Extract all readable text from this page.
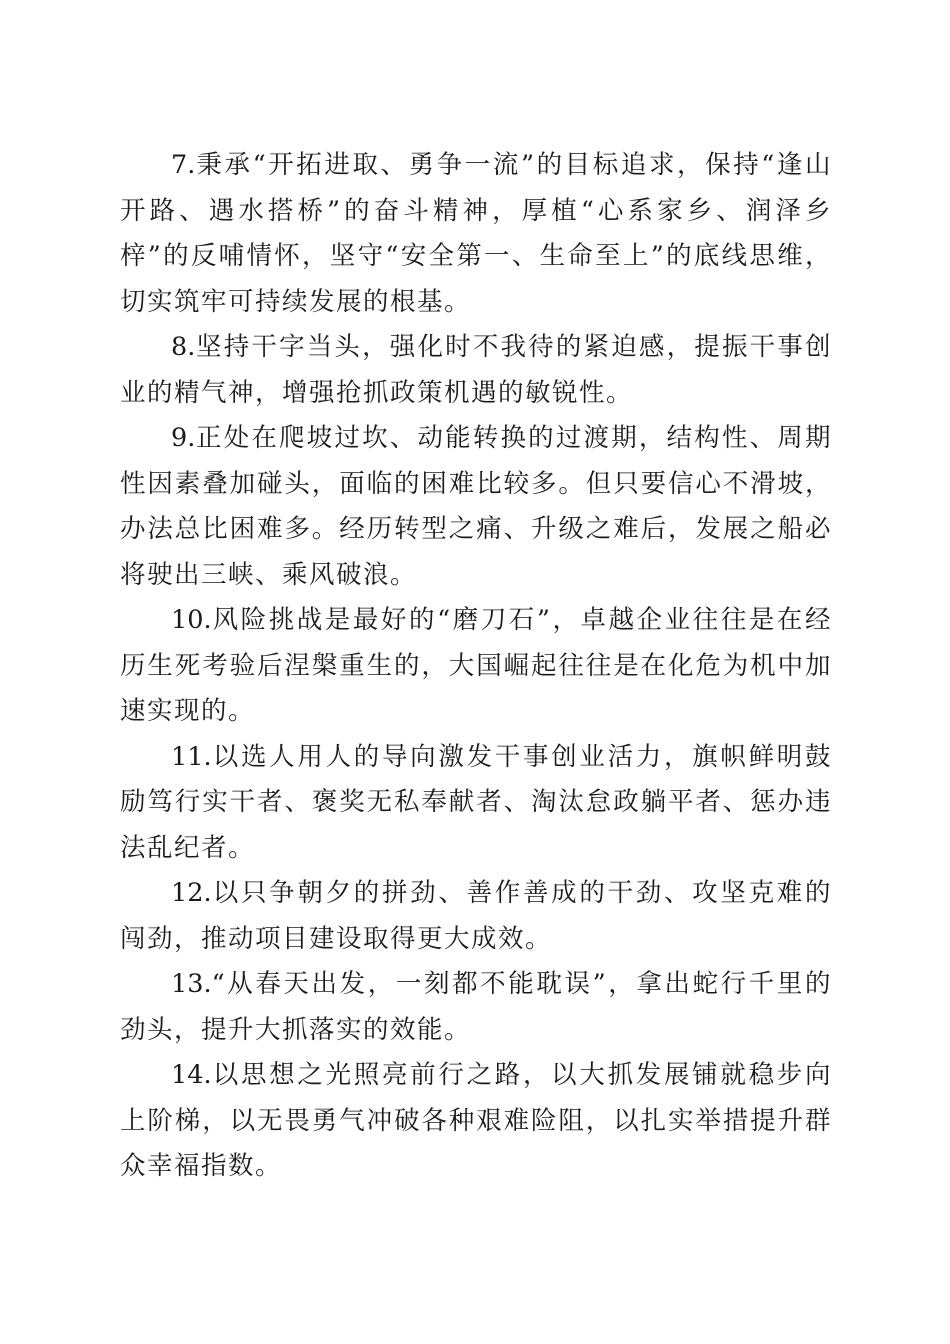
7.秉承“开拓进取、勇争一流”的目标追求，保持“逢山开路、遇水搭桥”的奋斗精神，厚植“心系家乡、润泽乡梓”的反哺情怀，坚守“安全第一、生命至上”的底线思维，切实筑牢可持续发展的根基。

8.坚持干字当头，强化时不我待的紧迫感，提振干事创业的精气神，增强抢抓政策机遇的敏锐性。

9.正处在爬坡过坎、动能转换的过渡期，结构性、周期性因素叠加碰头，面临的困难比较多。但只要信心不滑坡，办法总比困难多。经历转型之痛、升级之难后，发展之船必将驶出三峡、乘风破浪。

10.风险挑战是最好的“磨刀石”，卓越企业往往是在经历生死考验后涅槃重生的，大国崛起往往是在化危为机中加速实现的。

11.以选人用人的导向激发干事创业活力，旗帜鲜明鼓励笃行实干者、褒奖无私奉献者、淘汰怠政躺平者、惩办违法乱纪者。

12.以只争朝夕的拼劲、善作善成的干劲、攻坚克难的闯劲，推动项目建设取得更大成效。

13.“从春天出发，一刻都不能耽误”，拿出蛇行千里的劲头，提升大抓落实的效能。

14.以思想之光照亮前行之路，以大抓发展铺就稳步向上阶梯，以无畏勇气冲破各种艰难险阻，以扎实举措提升群众幸福指数。
